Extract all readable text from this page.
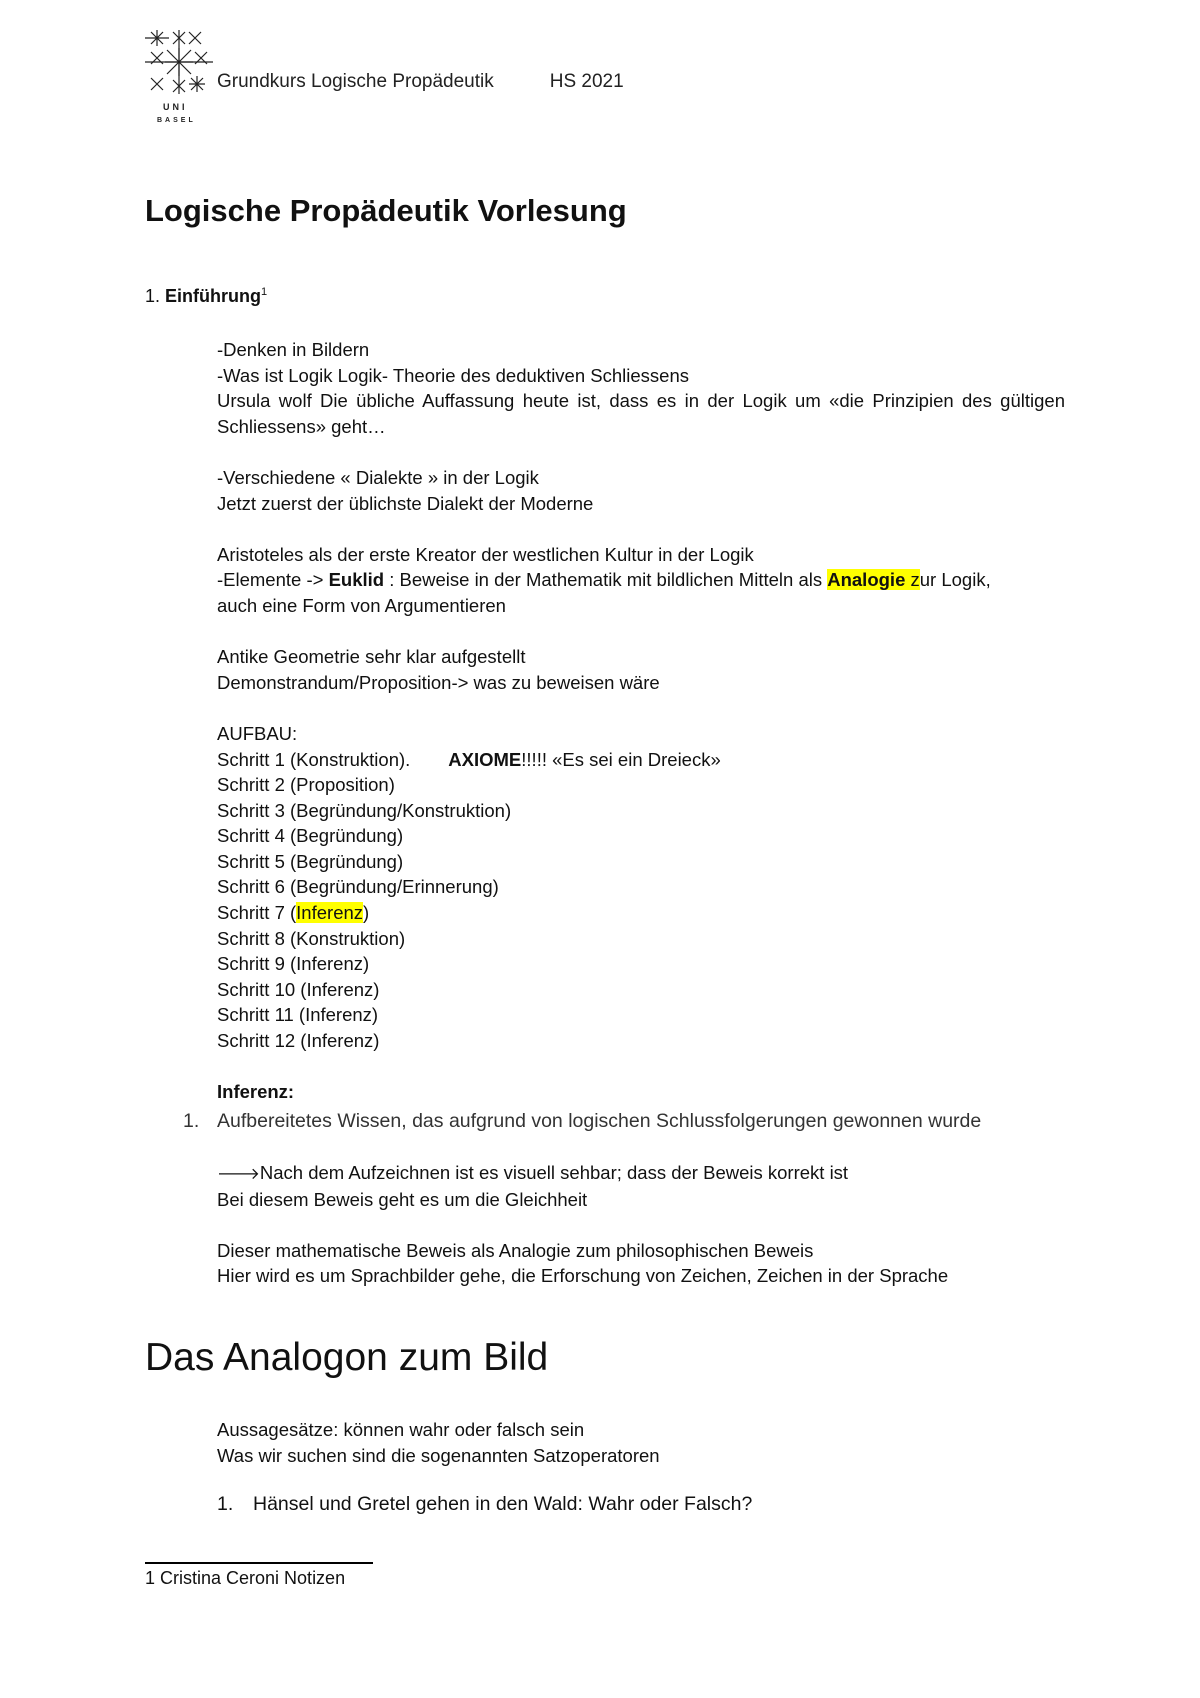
UNI
BASEL
Grundkurs Logische Propädeutik	HS 2021
Logische Propädeutik Vorlesung
1. Einführung$^1$
-Denken in Bildern
-Was ist Logik Logik- Theorie des deduktiven Schliessens
Ursula wolf Die übliche Auffassung heute ist, dass es in der Logik um «die Prinzipien des gültigen Schliessens» geht…
-Verschiedene « Dialekte » in der Logik
Jetzt zuerst der üblichste Dialekt der Moderne
Aristoteles als der erste Kreator der westlichen Kultur in der Logik
-Elemente -> Euklid : Beweise in der Mathematik mit bildlichen Mitteln als Analogie zur Logik,
auch eine Form von Argumentieren
Antike Geometrie sehr klar aufgestellt
Demonstrandum/Proposition-> was zu beweisen wäre
AUFBAU:
Schritt 1 (Konstruktion). AXIOME!!!!! «Es sei ein Dreieck»
Schritt 2 (Proposition)
Schritt 3 (Begründung/Konstruktion)
Schritt 4 (Begründung)
Schritt 5 (Begründung)
Schritt 6 (Begründung/Erinnerung)
Schritt 7 (Inferenz)
Schritt 8 (Konstruktion)
Schritt 9 (Inferenz)
Schritt 10 (Inferenz)
Schritt 11 (Inferenz)
Schritt 12 (Inferenz)
Inferenz:
1. Aufbereitetes Wissen, das aufgrund von logischen Schlussfolgerungen gewonnen wurde
🡒Nach dem Aufzeichnen ist es visuell sehbar; dass der Beweis korrekt ist
Bei diesem Beweis geht es um die Gleichheit
Dieser mathematische Beweis als Analogie zum philosophischen Beweis
Hier wird es um Sprachbilder gehe, die Erforschung von Zeichen, Zeichen in der Sprache
Das Analogon zum Bild
Aussagesätze: können wahr oder falsch sein
Was wir suchen sind die sogenannten Satzoperatoren
1. Hänsel und Gretel gehen in den Wald: Wahr oder Falsch?
1 Cristina Ceroni Notizen
